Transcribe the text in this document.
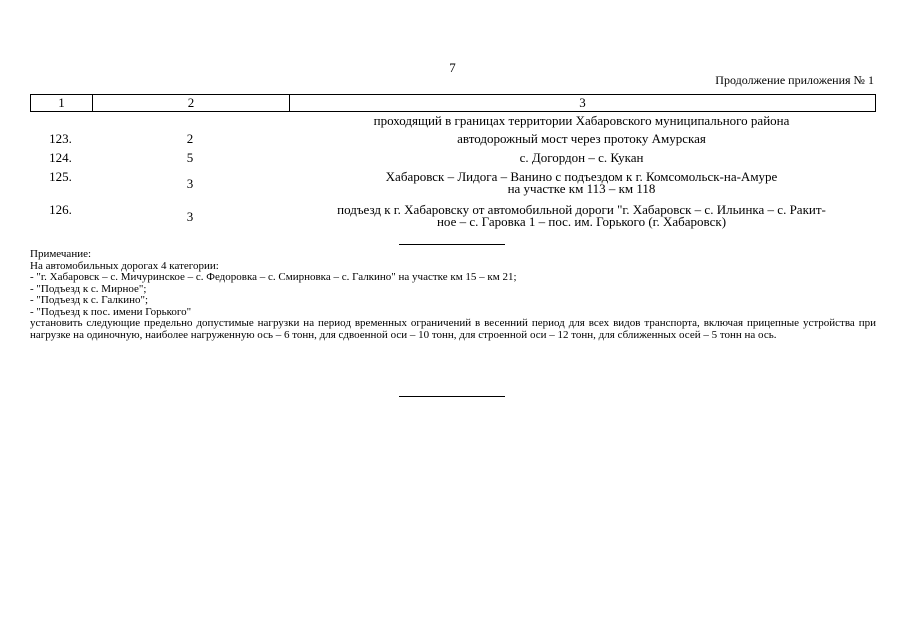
7
Продолжение приложения № 1
1	2	3
проходящий в границах территории Хабаровского муниципального района
123.	2	автодорожный мост через протоку Амурская
124.	5	с. Догордон – с. Кукан
125.	3	Хабаровск – Лидога – Ванино с подъездом к г. Комсомольск-на-Амуре
на участке км 113 – км 118
126.	3	подъезд к г. Хабаровску от автомобильной дороги "г. Хабаровск – с. Ильинка – с. Ракит-
ное – с. Гаровка 1 – пос. им. Горького (г. Хабаровск)
Примечание:
На автомобильных дорогах 4 категории:
- "г. Хабаровск – с. Мичуринское – с. Федоровка – с. Смирновка – с. Галкино" на участке км 15 – км 21;
- "Подъезд к с. Мирное";
- "Подъезд к с. Галкино";
- "Подъезд к пос. имени Горького"
установить следующие предельно допустимые нагрузки на период временных ограничений в весенний период для всех видов транспорта, включая прицепные устройства при нагрузке на одиночную, наиболее нагруженную ось – 6 тонн, для сдвоенной оси – 10 тонн, для строенной оси – 12 тонн, для сближенных осей – 5 тонн на ось.
